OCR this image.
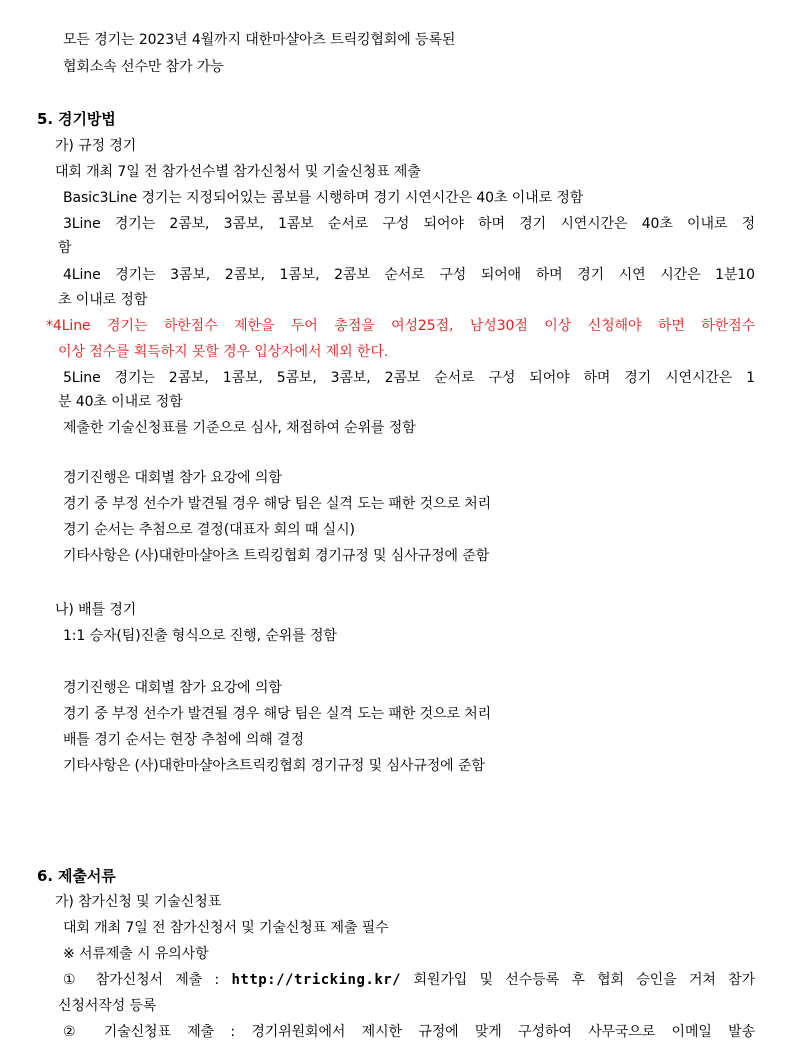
모든 경기는 2023년 4월까지 대한마샬아츠 트릭킹협회에 등록된
협회소속 선수만 참가 가능
5. 경기방법
가) 규정 경기
대회 개최 7일 전 참가선수별 참가신청서 및 기술신청표 제출
Basic3Line 경기는 지정되어있는 콤보를 시행하며 경기 시연시간은 40초 이내로 정함
3Line 경기는 2콤보, 3콤보, 1콤보 순서로 구성 되어야 하며 경기 시연시간은 40초 이내로 정
함
4Line 경기는 3콤보, 2콤보, 1콤보, 2콤보 순서로 구성 되어애 하며 경기 시연 시간은 1분10
초 이내로 정함
*4Line 경기는 하한점수 제한을 두어 총점을 여성25점, 남성30점 이상 신청해야 하면 하한점수
이상 점수를 획득하지 못할 경우 입상자에서 제외 한다.
5Line 경기는 2콤보, 1콤보, 5콤보, 3콤보, 2콤보 순서로 구성 되어야 하며 경기 시연시간은 1
분 40초 이내로 정함
제출한 기술신청표를 기준으로 심사, 채점하여 순위를 정함
경기진행은 대회별 참가 요강에 의함
경기 중 부정 선수가 발견될 경우 해당 팀은 실격 도는 패한 것으로 처리
경기 순서는 추첨으로 결정(대표자 회의 때 실시)
기타사항은 (사)대한마샬아츠 트릭킹협회 경기규정 및 심사규정에 준함
나) 배틀 경기
1:1 승자(팀)진출 형식으로 진행, 순위를 정함
경기진행은 대회별 참가 요강에 의함
경기 중 부정 선수가 발견될 경우 해당 팀은 실격 도는 패한 것으로 처리
배틀 경기 순서는 현장 추첨에 의해 결정
기타사항은 (사)대한마샬아츠트릭킹협회 경기규정 및 심사규정에 준함
6. 제출서류
가) 참가신청 및 기술신청표
대회 개최 7일 전 참가신청서 및 기술신청표 제출 필수
※ 서류제출 시 유의사항
① 참가신청서 제출 : http://tricking.kr/ 회원가입 및 선수등록 후 협회 승인을 거쳐 참가
신청서작성 등록
② 기술신청표 제출 : 경기위원회에서 제시한 규정에 맞게 구성하여 사무국으로 이메일 발송
